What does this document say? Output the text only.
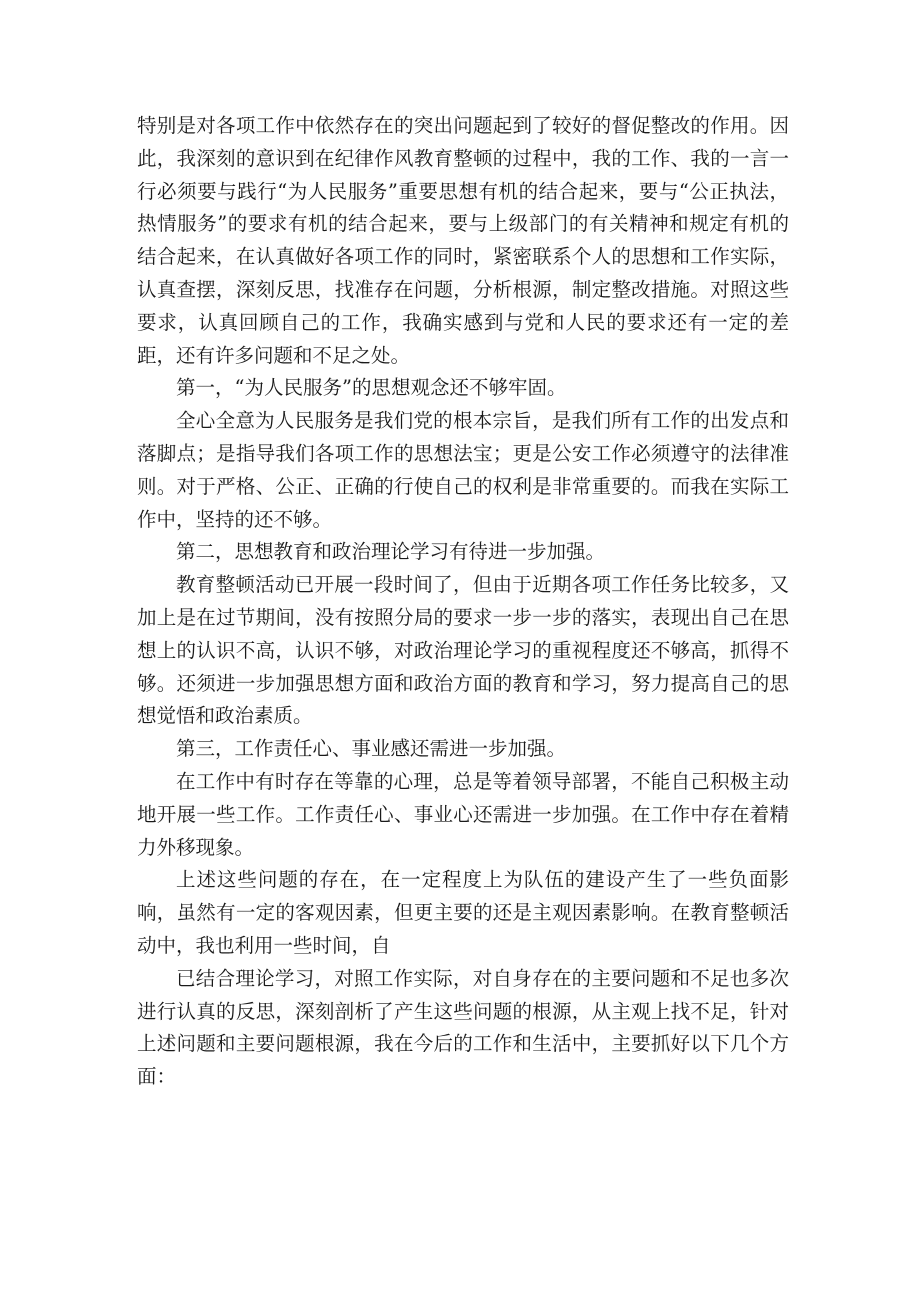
特别是对各项工作中依然存在的突出问题起到了较好的督促整改的作用。因此，我深刻的意识到在纪律作风教育整顿的过程中，我的工作、我的一言一行必须要与践行“为人民服务”重要思想有机的结合起来，要与“公正执法，热情服务”的要求有机的结合起来，要与上级部门的有关精神和规定有机的结合起来，在认真做好各项工作的同时，紧密联系个人的思想和工作实际，认真查摆，深刻反思，找准存在问题，分析根源，制定整改措施。对照这些要求，认真回顾自己的工作，我确实感到与党和人民的要求还有一定的差距，还有许多问题和不足之处。

第一，“为人民服务”的思想观念还不够牢固。

全心全意为人民服务是我们党的根本宗旨，是我们所有工作的出发点和落脚点；是指导我们各项工作的思想法宝；更是公安工作必须遵守的法律准则。对于严格、公正、正确的行使自己的权利是非常重要的。而我在实际工作中，坚持的还不够。

第二，思想教育和政治理论学习有待进一步加强。

教育整顿活动已开展一段时间了，但由于近期各项工作任务比较多，又加上是在过节期间，没有按照分局的要求一步一步的落实，表现出自己在思想上的认识不高，认识不够，对政治理论学习的重视程度还不够高，抓得不够。还须进一步加强思想方面和政治方面的教育和学习，努力提高自己的思想觉悟和政治素质。

第三，工作责任心、事业感还需进一步加强。

在工作中有时存在等靠的心理，总是等着领导部署，不能自己积极主动地开展一些工作。工作责任心、事业心还需进一步加强。在工作中存在着精力外移现象。

上述这些问题的存在，在一定程度上为队伍的建设产生了一些负面影响，虽然有一定的客观因素，但更主要的还是主观因素影响。在教育整顿活动中，我也利用一些时间，自

已结合理论学习，对照工作实际，对自身存在的主要问题和不足也多次进行认真的反思，深刻剖析了产生这些问题的根源，从主观上找不足，针对上述问题和主要问题根源，我在今后的工作和生活中，主要抓好以下几个方面：
